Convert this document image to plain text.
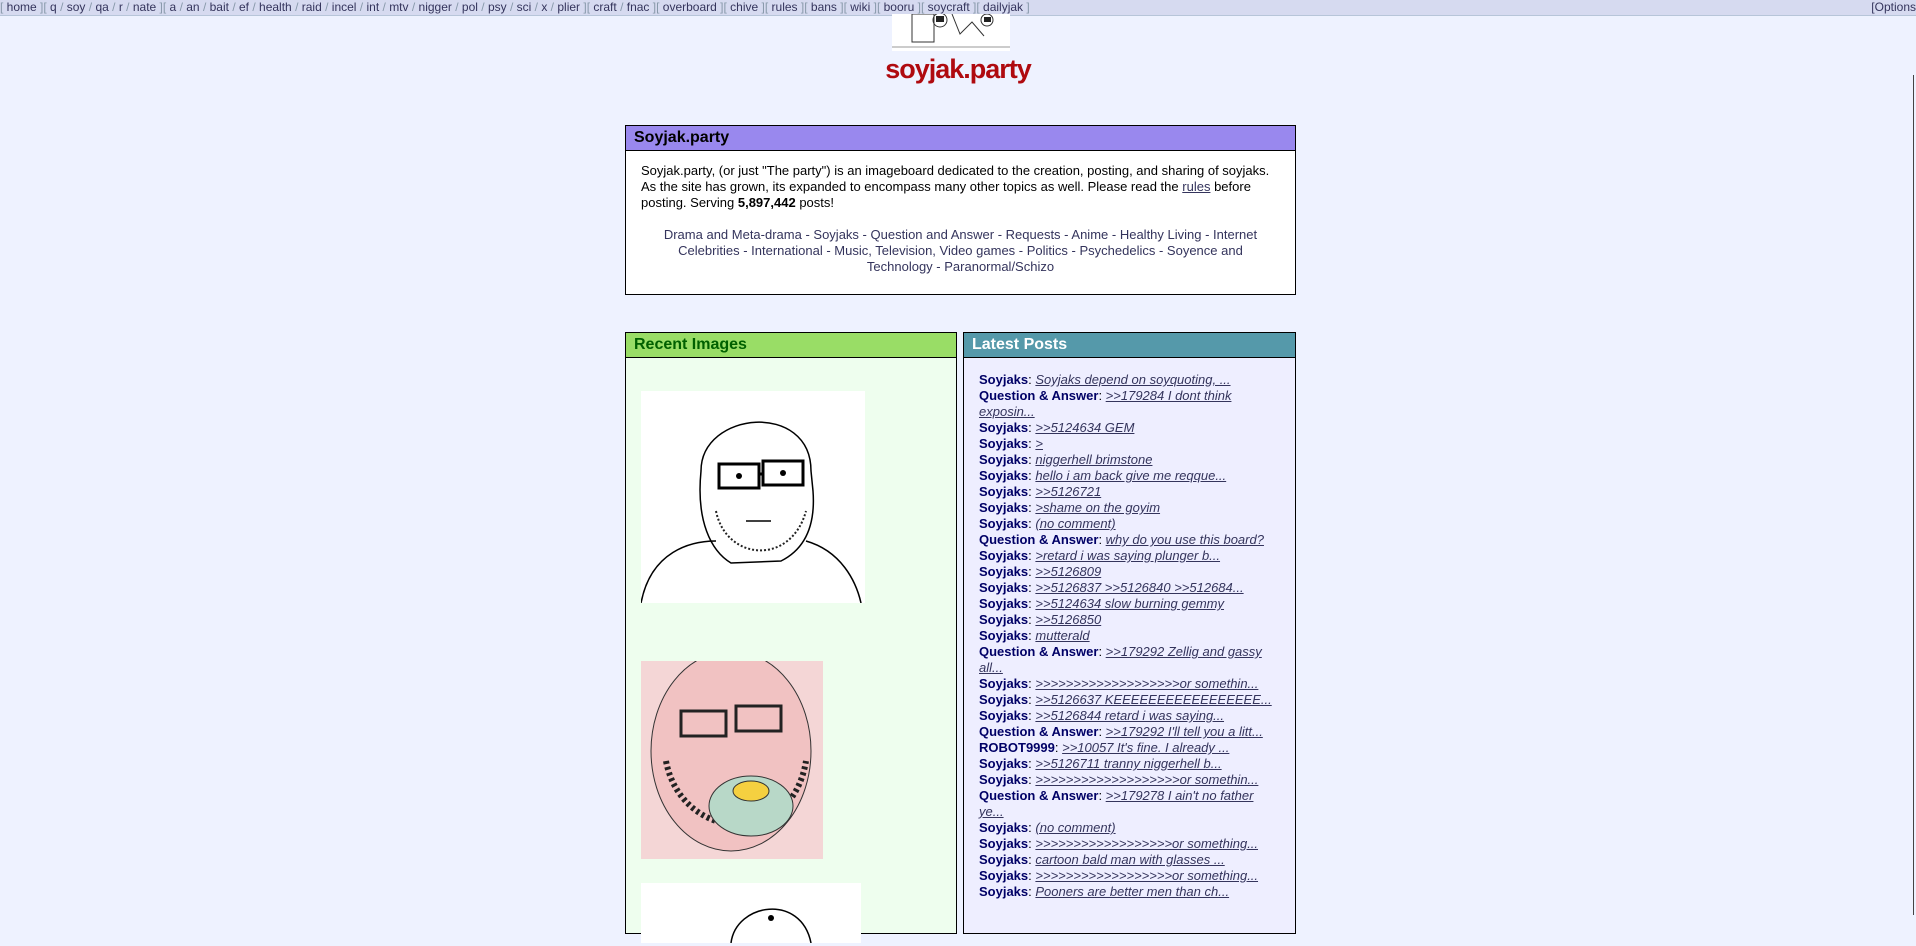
[ home ][ q / soy / qa / r / nate ][ a / an / bait / ef / health / raid / incel / int / mtv / nigger / pol / psy / sci / x / plier ][ craft / fnac ][ overboard ][ chive ][ rules ][ bans ][ wiki ][ booru ][ soycraft ][ dailyjak ]	[Options
soyjak.party
Soyjak.party

Soyjak.party, (or just "The party") is an imageboard dedicated to the creation, posting, and sharing of soyjaks. As the site has grown, its expanded to encompass many other topics as well. Please read the rules before posting. Serving 5,897,442 posts!

Drama and Meta-drama - Soyjaks - Question and Answer - Requests - Anime - Healthy Living - Internet Celebrities - International - Music, Television, Video games - Politics - Psychedelics - Soyence and Technology - Paranormal/Schizo
Recent Images	Latest Posts
Soyjaks: Soyjaks depend on soyquoting, ...
Question & Answer: >>179284 I dont think exposin...
Soyjaks: >>5124634 GEM
Soyjaks: >
Soyjaks: niggerhell brimstone
Soyjaks: hello i am back give me reqque...
Soyjaks: >>5126721
Soyjaks: >shame on the goyim
Soyjaks: (no comment)
Question & Answer: why do you use this board?
Soyjaks: >retard i was saying plunger b...
Soyjaks: >>5126809
Soyjaks: >>5126837 >>5126840 >>512684...
Soyjaks: >>5124634 slow burning gemmy
Soyjaks: >>5126850
Soyjaks: mutterald
Question & Answer: >>179292 Zellig and gassy all...
Soyjaks: >>>>>>>>>>>>>>>>>>>or somethin...
Soyjaks: >>5126637 KEEEEEEEEEEEEEEEEE...
Soyjaks: >>5126844 retard i was saying...
Question & Answer: >>179292 I'll tell you a litt...
ROBOT9999: >>10057 It's fine. I already ...
Soyjaks: >>5126711 tranny niggerhell b...
Soyjaks: >>>>>>>>>>>>>>>>>>>or somethin...
Question & Answer: >>179278 I ain't no father ye...
Soyjaks: (no comment)
Soyjaks: >>>>>>>>>>>>>>>>>>or something...
Soyjaks: cartoon bald man with glasses ...
Soyjaks: >>>>>>>>>>>>>>>>>>or something...
Soyjaks: Pooners are better men than ch...
